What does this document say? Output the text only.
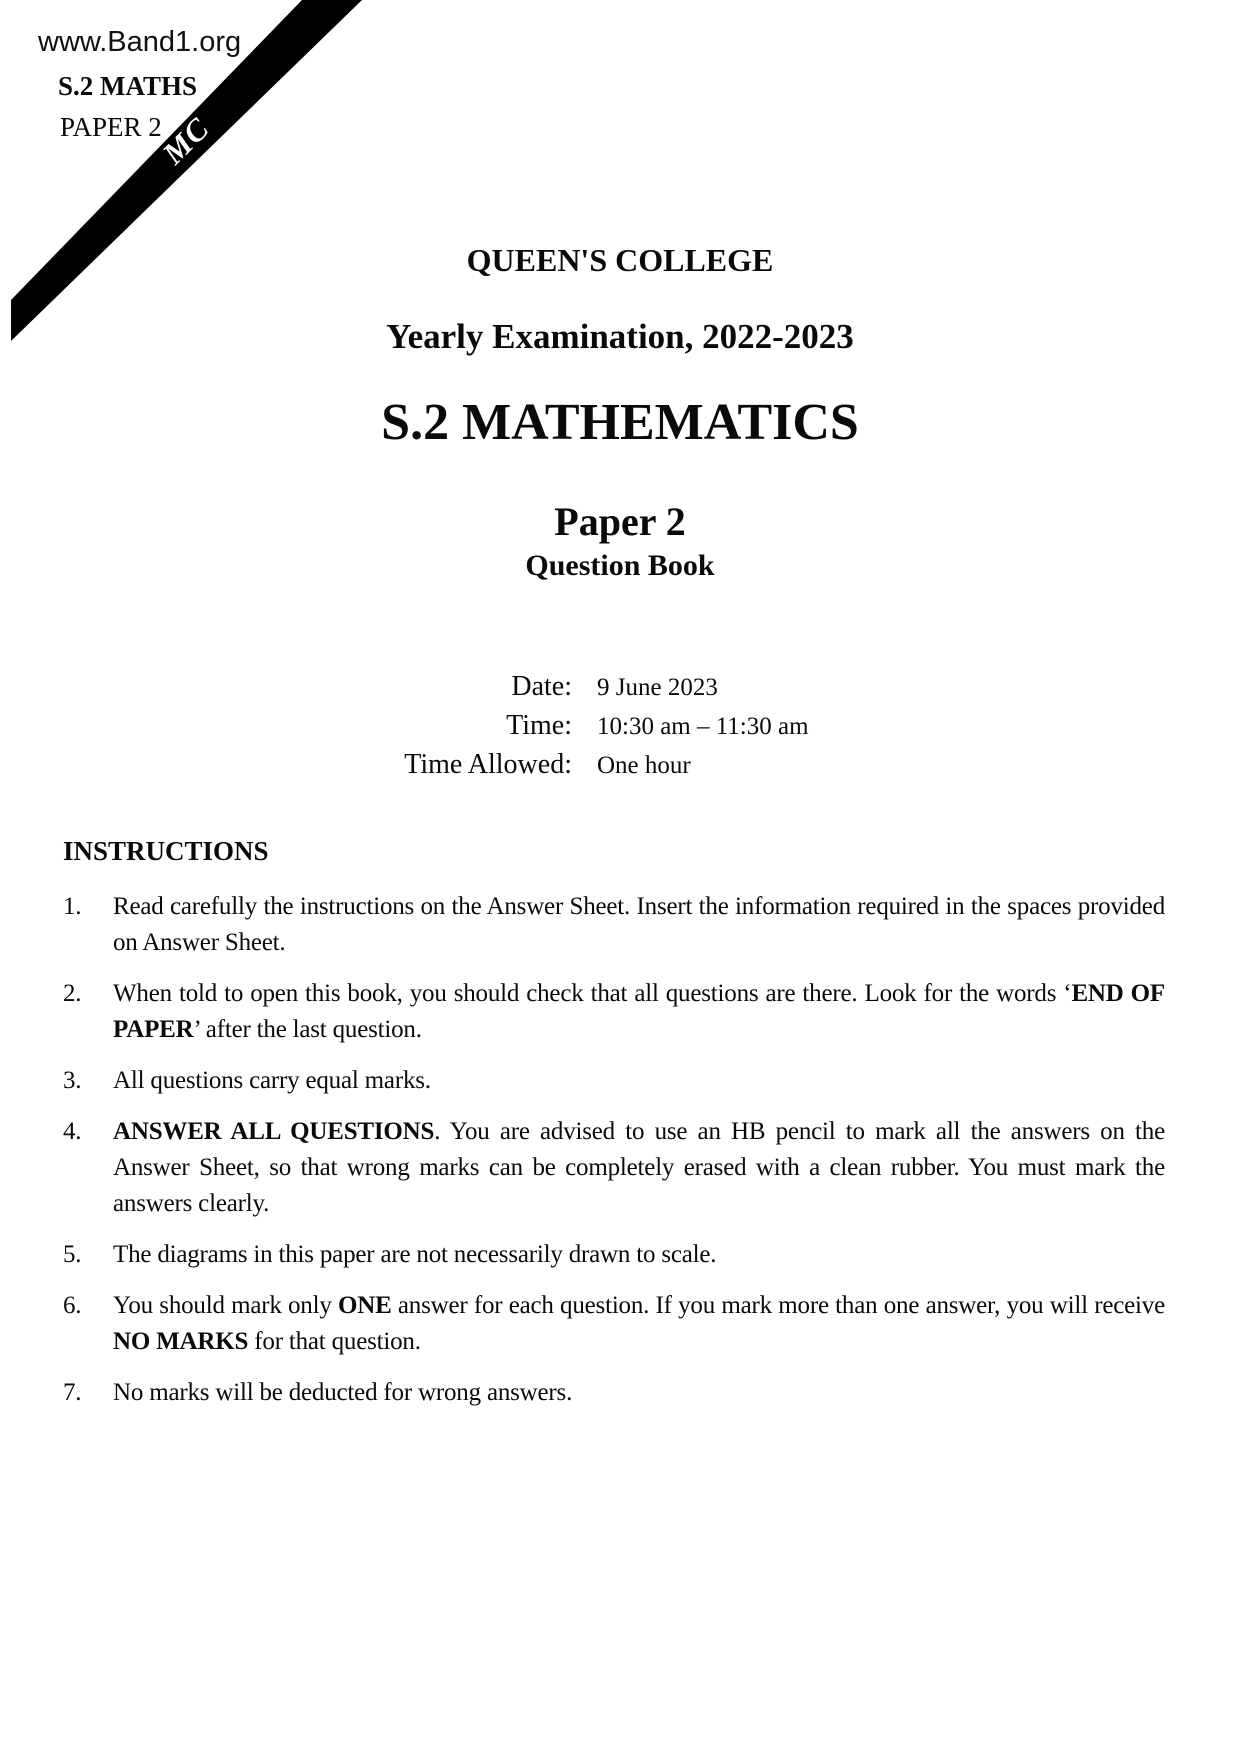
MC
www.Band1.org
S.2 MATHS
PAPER 2
QUEEN'S COLLEGE
Yearly Examination, 2022-2023
S.2 MATHEMATICS
Paper 2
Question Book
Date: 9 June 2023
Time: 10:30 am – 11:30 am
Time Allowed: One hour
INSTRUCTIONS
1.	Read carefully the instructions on the Answer Sheet. Insert the information required in the spaces provided on Answer Sheet.
2.	When told to open this book, you should check that all questions are there. Look for the words ‘END OF PAPER’ after the last question.
3.	All questions carry equal marks.
4.	ANSWER ALL QUESTIONS. You are advised to use an HB pencil to mark all the answers on the Answer Sheet, so that wrong marks can be completely erased with a clean rubber. You must mark the answers clearly.
5.	The diagrams in this paper are not necessarily drawn to scale.
6.	You should mark only ONE answer for each question. If you mark more than one answer, you will receive NO MARKS for that question.
7.	No marks will be deducted for wrong answers.
